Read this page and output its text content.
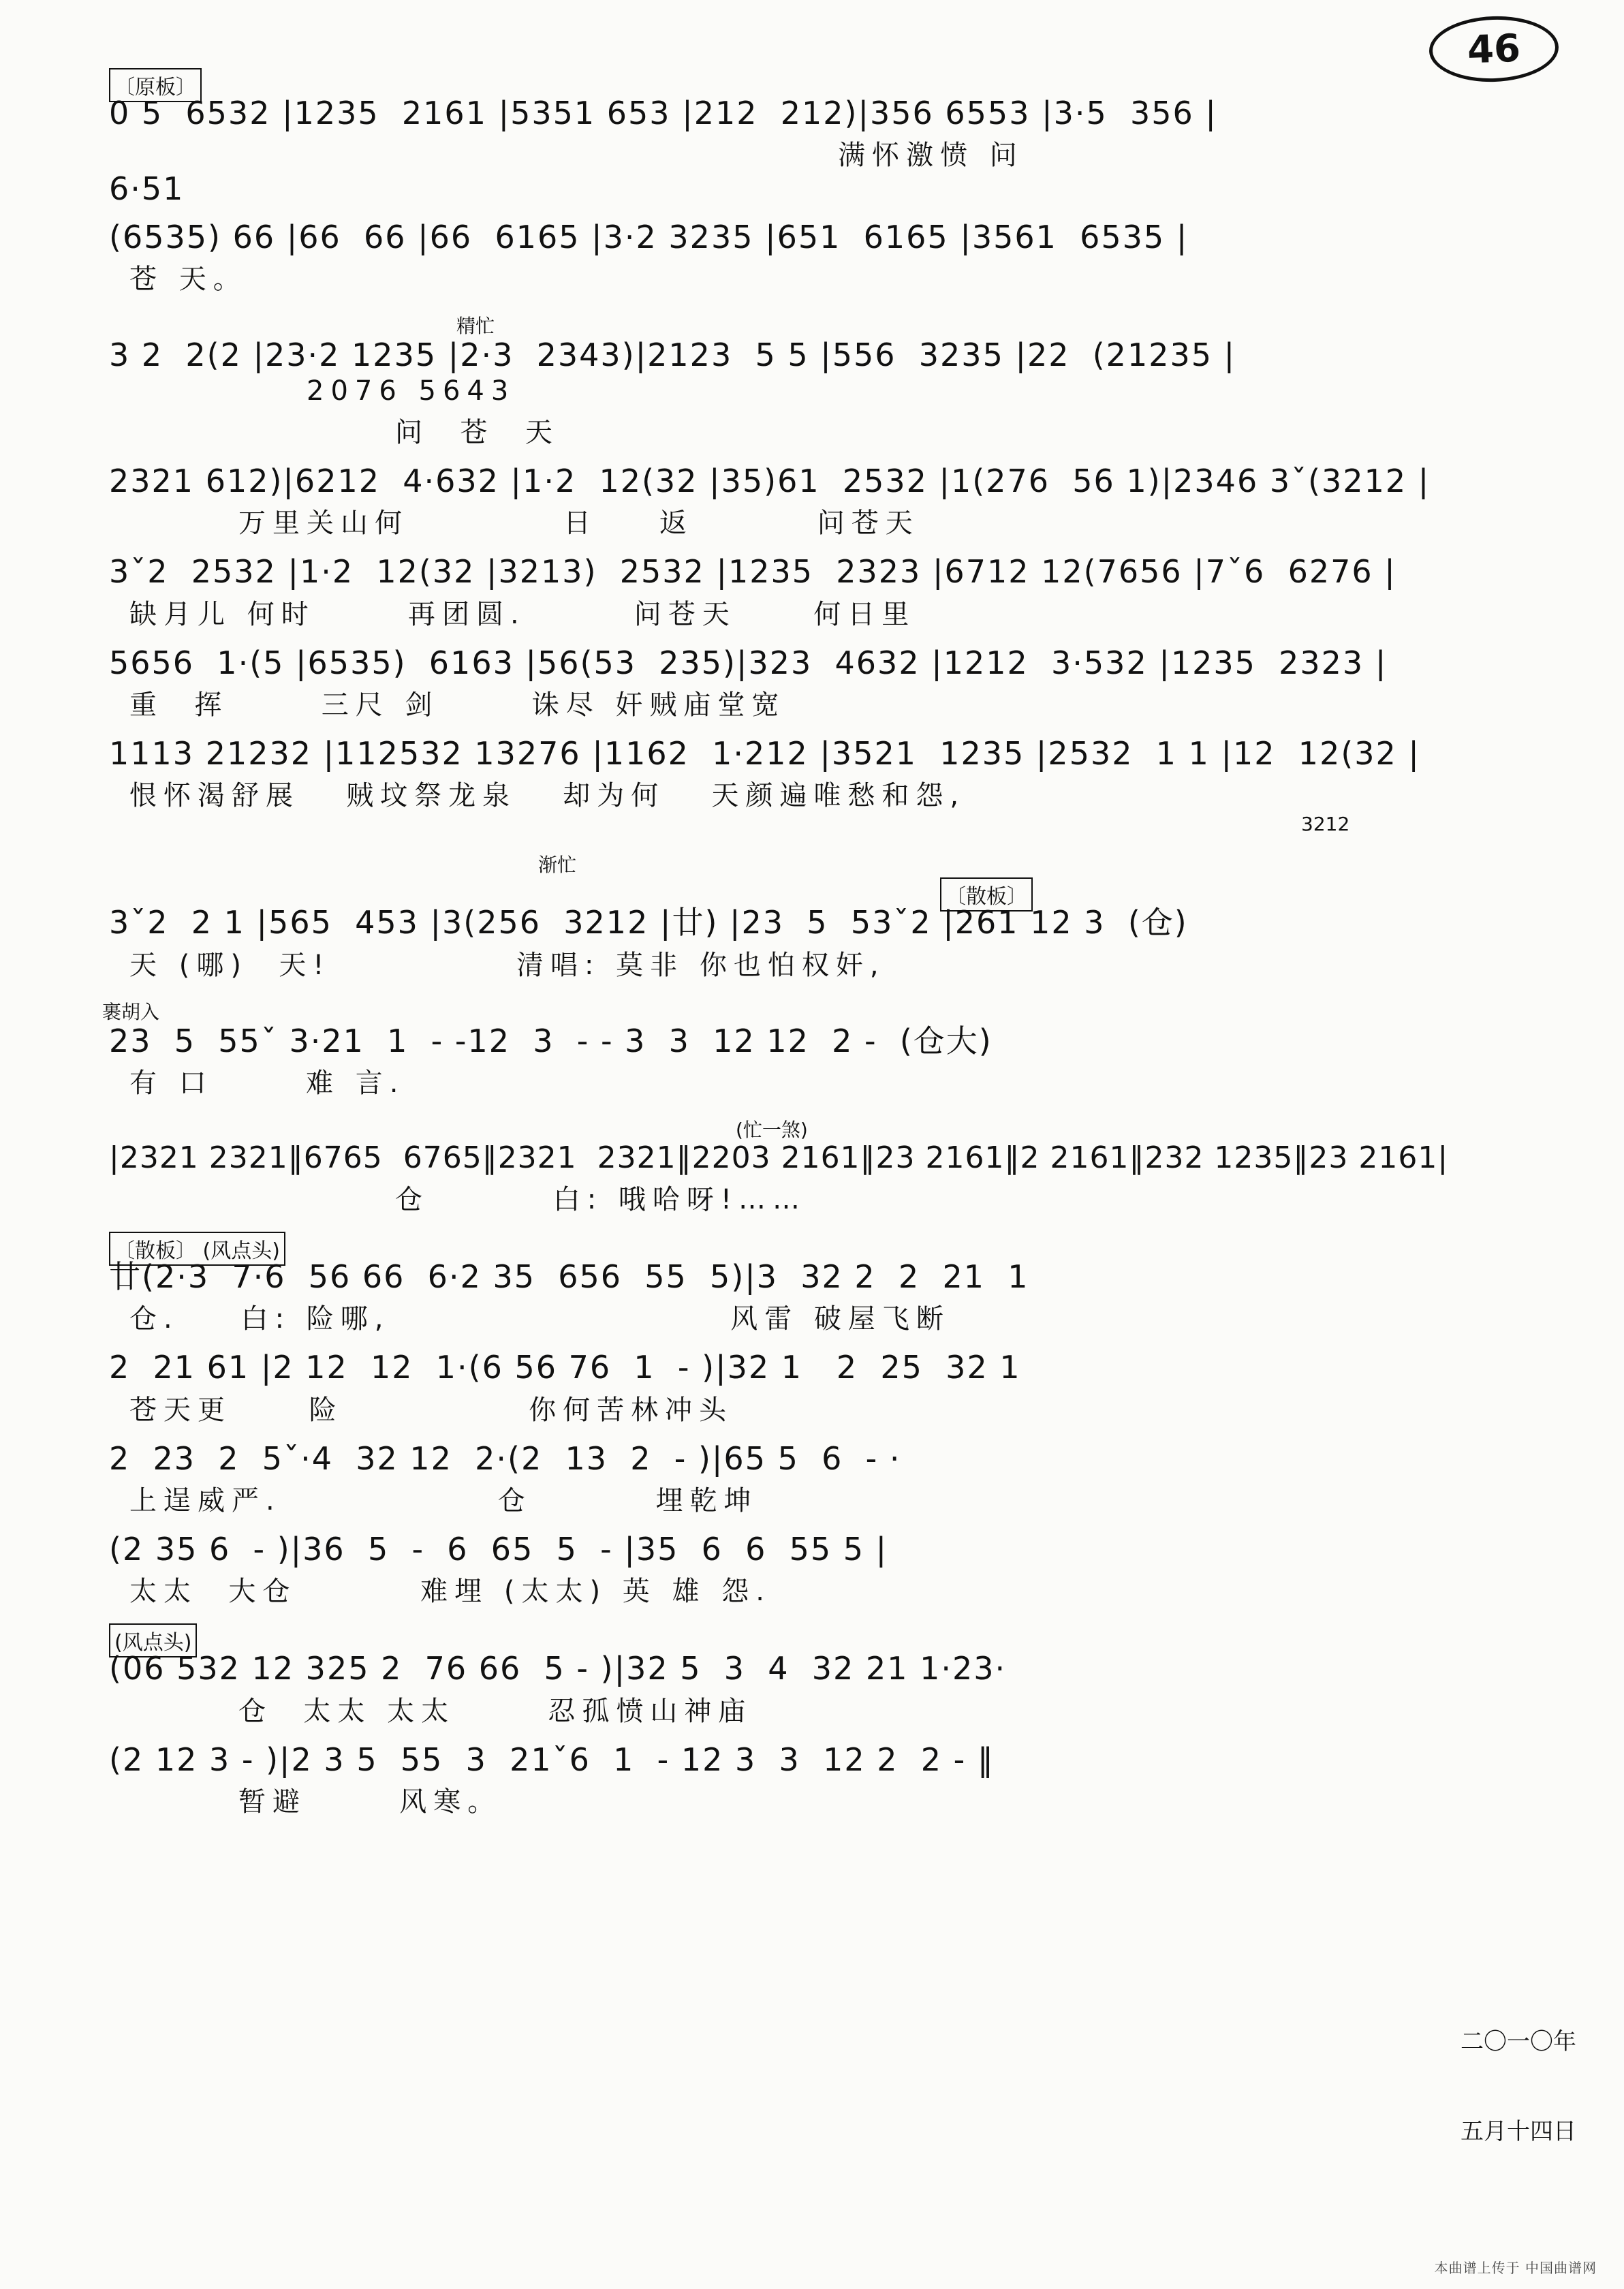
46
〔原板〕
0 5  6532 |1235  2161 |5351 653 |212  212)|356 6553 |3·5  356 |
满怀激愤 问
6·51
(6535) 66 |66  66 |66  6165 |3·2 3235 |651  6165 |3561  6535 |
苍 天。
精忙
3 2  2(2 |23·2 1235 |2·3  2343)|2123  5 5 |556  3235 |22  (21235 |
2076 5643
问  苍  天
2321 612)|6212  4·632 |1·2  12(32 |35)61  2532 |1(276  56 1)|2346 3ˇ(3212 |
万里关山何          日    返        问苍天
3ˇ2  2532 |1·2  12(32 |3213)  2532 |1235  2323 |6712 12(7656 |7ˇ6  6276 |
缺月儿 何时      再团圆.       问苍天     何日里
5656  1·(5 |6535)  6163 |56(53  235)|323  4632 |1212  3·532 |1235  2323 |
重  挥      三尺 剑      诛尽 奸贼庙堂宽
1113 21232 |112532 13276 |1162  1·212 |3521  1235 |2532  1 1 |12  12(32 |
恨怀渴舒展   贼坟祭龙泉   却为何   天颜遍唯愁和怨,
3212
渐忙
〔散板〕
3ˇ2  2 1 |565  453 |3(256  3212 |廿) |23  5  53ˇ2 |261 12 3  (仓)
天 (哪)  天!            清唱: 莫非 你也怕权奸,
裹胡入
23  5  55ˇ 3·21  1  - -12  3  - - 3  3  12 12  2 -  (仓大)
有 口      难 言.
(忙一煞)
|2321 2321‖6765  6765‖2321  2321‖2203 2161‖23 2161‖2 2161‖232 1235‖23 2161|
仓        白: 哦哈呀!……
〔散板〕 (风点头)
廿(2·3  7·6  56 66  6·2 35  656  55  5)|3  32 2  2  21  1
仓.    白: 险哪,                      风雷 破屋飞断
2  21 61 |2 12  12  1·(6 56 76  1  - )|32 1   2  25  32 1
苍天更     险            你何苦林冲头
2  23  2  5ˇ·4  32 12  2·(2  13  2  - )|65 5  6  - ·
上逞威严.              仓        埋乾坤
(2 35 6  - )|36  5  -  6  65  5  - |35  6  6  55 5 |
太太  大仓        难埋 (太太) 英 雄 怨.
(风点头)
(06 532 12 325 2  76 66  5 - )|32 5  3  4  32 21 1·23·
仓  太太 太太      忍孤愤山神庙
(2 12 3 - )|2 3 5  55  3  21ˇ6  1  - 12 3  3  12 2  2 - ‖
暂避      风寒。

二〇一〇年

五月十四日

本曲谱上传于 中国曲谱网
